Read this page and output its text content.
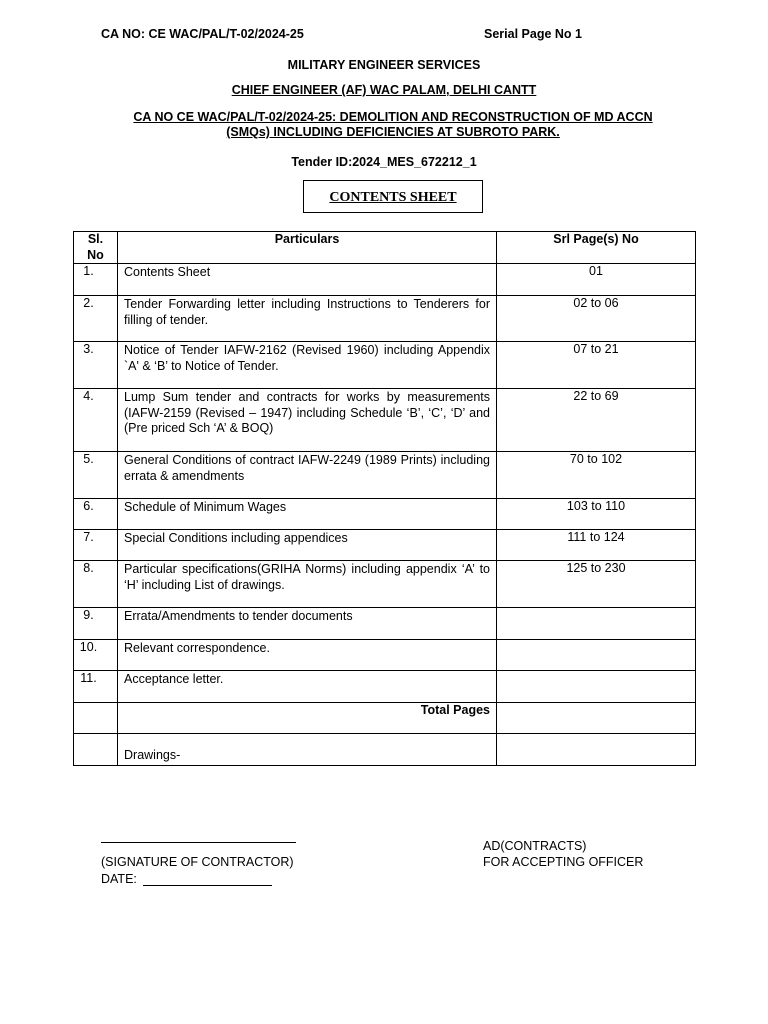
CA NO: CE WAC/PAL/T-02/2024-25	Serial Page No 1
MILITARY ENGINEER SERVICES
CHIEF ENGINEER (AF) WAC PALAM, DELHI CANTT
CA NO CE WAC/PAL/T-02/2024-25: DEMOLITION AND RECONSTRUCTION OF MD ACCN
(SMQs) INCLUDING DEFICIENCIES AT SUBROTO PARK.
Tender ID:2024_MES_672212_1
CONTENTS SHEET
Sl.
No	Particulars	Srl Page(s) No
1.	Contents Sheet	01
2.	Tender Forwarding letter including Instructions to Tenderers for filling of tender.	02 to 06
3.	Notice of Tender IAFW-2162 (Revised 1960) including Appendix `A' & ‘B’ to Notice of Tender.	07 to 21
4.	Lump Sum tender and contracts for works by measurements (IAFW-2159 (Revised – 1947) including Schedule ‘B’, ‘C’, ‘D’ and (Pre priced Sch ‘A’ & BOQ)	22 to 69
5.	General Conditions of contract IAFW-2249 (1989 Prints) including errata & amendments	70 to 102
6.	Schedule of Minimum Wages	103 to 110
7.	Special Conditions including appendices	111 to 124
8.	Particular specifications(GRIHA Norms) including appendix ‘A’ to ‘H’ including List of drawings.	125 to 230
9.	Errata/Amendments to tender documents	
10.	Relevant correspondence.	
11.	Acceptance letter.	
	Total Pages	
	Drawings-	
(SIGNATURE OF CONTRACTOR)
DATE:
AD(CONTRACTS)
FOR ACCEPTING OFFICER
